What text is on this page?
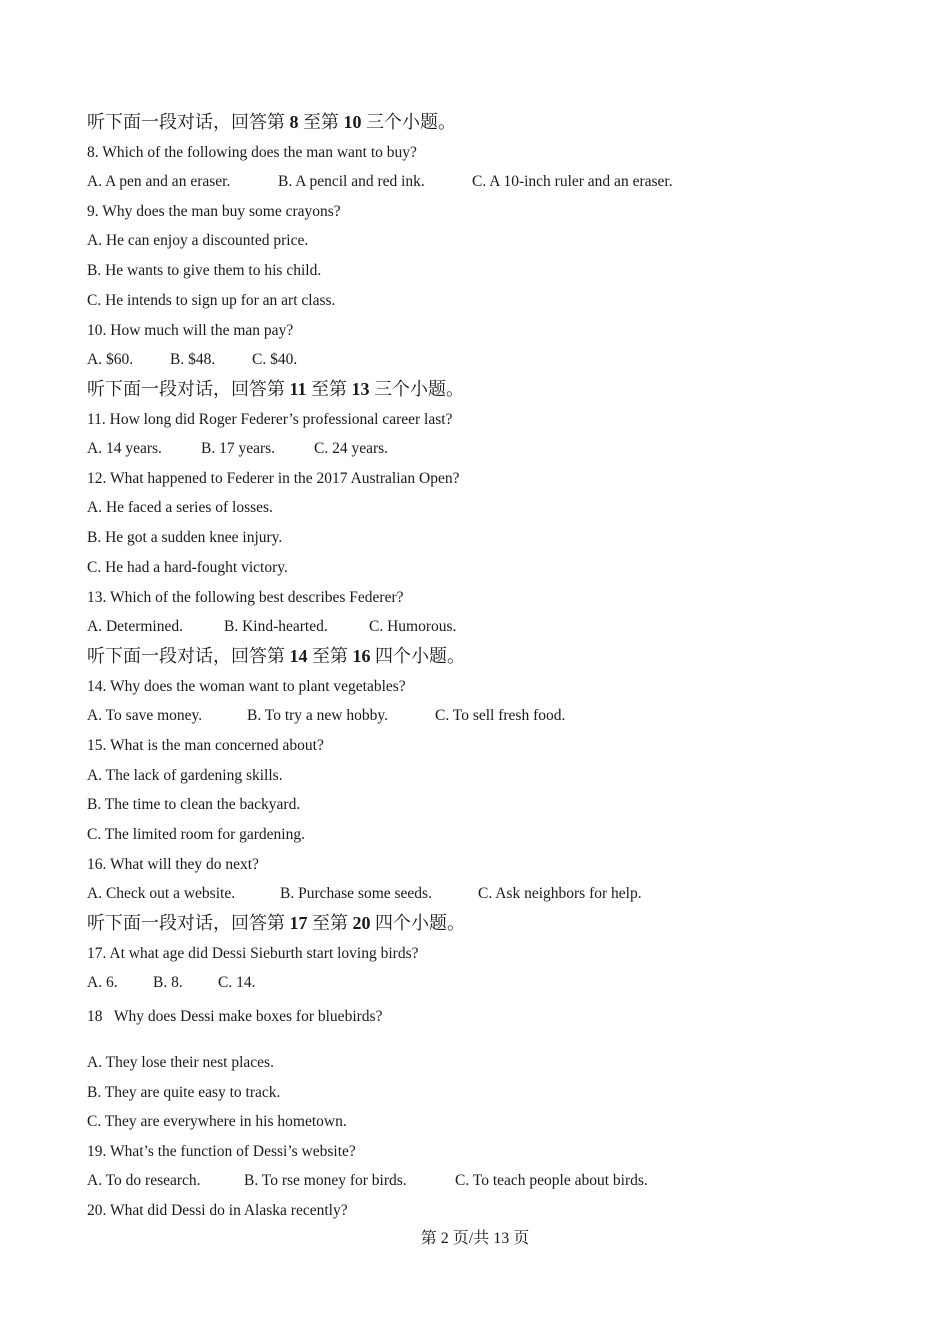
听下面一段对话，回答第 8 至第 10 三个小题。
8. Which of the following does the man want to buy?
A. A pen and an eraser.	B. A pencil and red ink.	C. A 10-inch ruler and an eraser.
9. Why does the man buy some crayons?
A. He can enjoy a discounted price.
B. He wants to give them to his child.
C. He intends to sign up for an art class.
10. How much will the man pay?
A. $60. B. $48. C. $40.
听下面一段对话，回答第 11 至第 13 三个小题。
11. How long did Roger Federer’s professional career last?
A. 14 years.	B. 17 years.	C. 24 years.
12. What happened to Federer in the 2017 Australian Open?
A. He faced a series of losses.
B. He got a sudden knee injury.
C. He had a hard-fought victory.
13. Which of the following best describes Federer?
A. Determined.	B. Kind-hearted.	C. Humorous.
听下面一段对话，回答第 14 至第 16 四个小题。
14. Why does the woman want to plant vegetables?
A. To save money.	B. To try a new hobby.	C. To sell fresh food.
15. What is the man concerned about?
A. The lack of gardening skills.
B. The time to clean the backyard.
C. The limited room for gardening.
16. What will they do next?
A. Check out a website.	B. Purchase some seeds.	C. Ask neighbors for help.
听下面一段对话，回答第 17 至第 20 四个小题。
17. At what age did Dessi Sieburth start loving birds?
A. 6. B. 8. C. 14.
18   Why does Dessi make boxes for bluebirds?
A. They lose their nest places.
B. They are quite easy to track.
C. They are everywhere in his hometown.
19. What’s the function of Dessi’s website?
A. To do research.	B. To rse money for birds.	C. To teach people about birds.
20. What did Dessi do in Alaska recently?
第 2 页/共 13 页
